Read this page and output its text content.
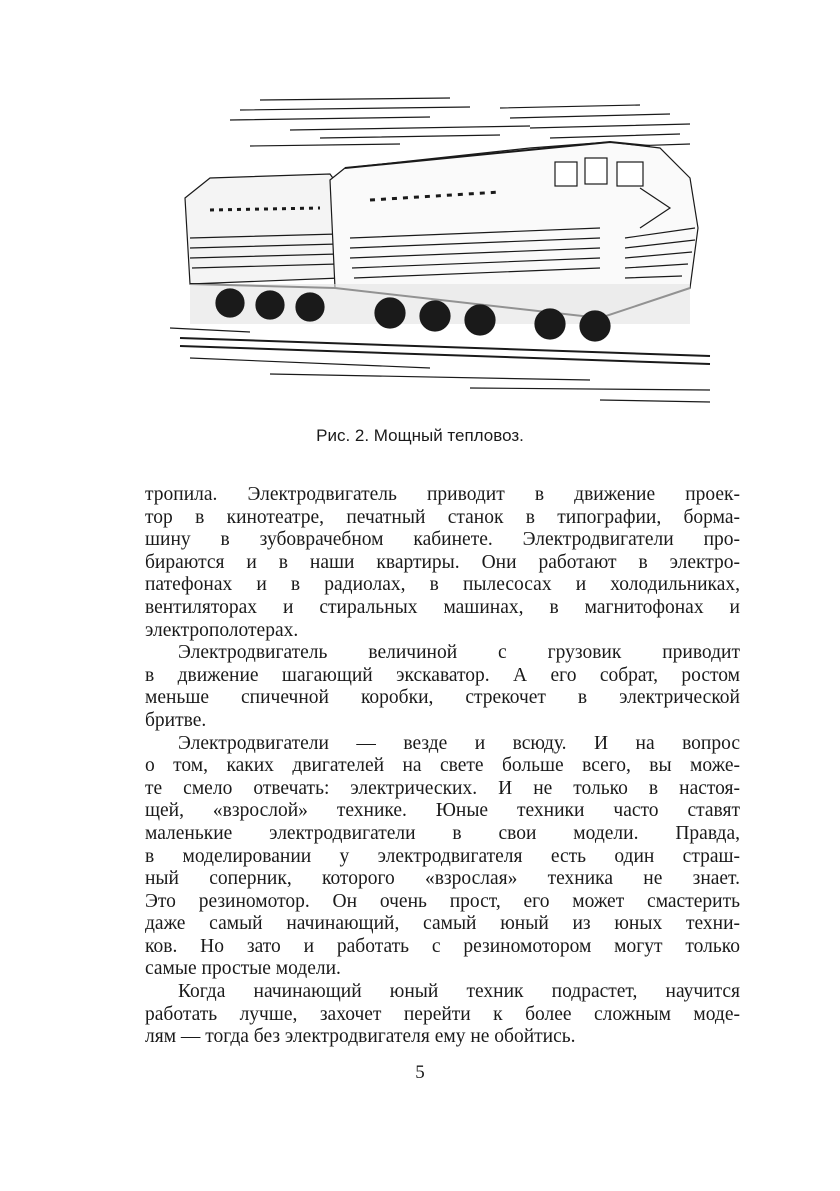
Рис. 2. Мощный тепловоз.
тропила. Электродвигатель приводит в движение проек-
тор в кинотеатре, печатный станок в типографии, борма-
шину в зубоврачебном кабинете. Электродвигатели про-
бираются и в наши квартиры. Они работают в электро-
патефонах и в радиолах, в пылесосах и холодильниках,
вентиляторах и стиральных машинах, в магнитофонах и
электрополотерах.
Электродвигатель величиной с грузовик приводит
в движение шагающий экскаватор. А его собрат, ростом
меньше спичечной коробки, стрекочет в электрической
бритве.
Электродвигатели — везде и всюду. И на вопрос
о том, каких двигателей на свете больше всего, вы може-
те смело отвечать: электрических. И не только в настоя-
щей, «взрослой» технике. Юные техники часто ставят
маленькие электродвигатели в свои модели. Правда,
в моделировании у электродвигателя есть один страш-
ный соперник, которого «взрослая» техника не знает.
Это резиномотор. Он очень прост, его может смастерить
даже самый начинающий, самый юный из юных техни-
ков. Но зато и работать с резиномотором могут только
самые простые модели.
Когда начинающий юный техник подрастет, научится
работать лучше, захочет перейти к более сложным моде-
лям — тогда без электродвигателя ему не обойтись.
5
